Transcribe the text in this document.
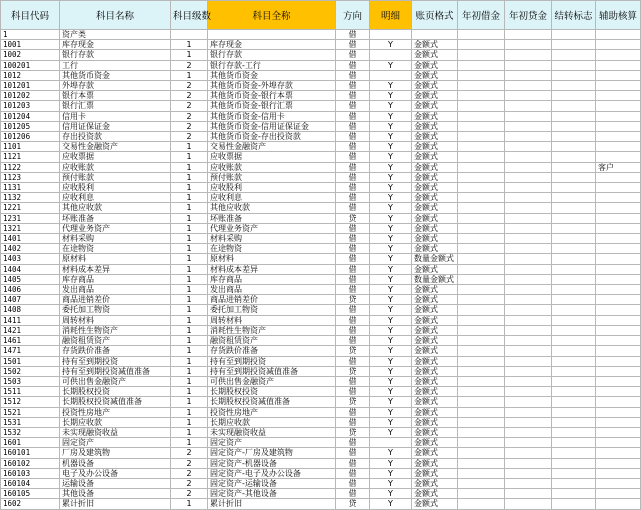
科目代码	科目名称	科目级数	科目全称	方向	明细	账页格式	年初借金	年初贷金	结转标志	辅助核算
1	资产类			借						
1001	库存现金	1	库存现金	借	Y	金额式				
1002	银行存款	1	银行存款	借		金额式				
100201	工行	2	银行存款-工行	借	Y	金额式				
1012	其他货币资金	1	其他货币资金	借		金额式				
101201	外埠存款	2	其他货币资金-外埠存款	借	Y	金额式				
101202	银行本票	2	其他货币资金-银行本票	借	Y	金额式				
101203	银行汇票	2	其他货币资金-银行汇票	借	Y	金额式				
101204	信用卡	2	其他货币资金-信用卡	借	Y	金额式				
101205	信用证保证金	2	其他货币资金-信用证保证金	借	Y	金额式				
101206	存出投资款	2	其他货币资金-存出投资款	借	Y	金额式				
1101	交易性金融资产	1	交易性金融资产	借	Y	金额式				
1121	应收票据	1	应收票据	借	Y	金额式				
1122	应收账款	1	应收账款	借	Y	金额式				客户
1123	预付账款	1	预付账款	借	Y	金额式				
1131	应收股利	1	应收股利	借	Y	金额式				
1132	应收利息	1	应收利息	借	Y	金额式				
1221	其他应收款	1	其他应收款	借	Y	金额式				
1231	坏账准备	1	坏账准备	贷	Y	金额式				
1321	代理业务资产	1	代理业务资产	借	Y	金额式				
1401	材料采购	1	材料采购	借	Y	金额式				
1402	在途物资	1	在途物资	借	Y	金额式				
1403	原材料	1	原材料	借	Y	数量金额式				
1404	材料成本差异	1	材料成本差异	借	Y	金额式				
1405	库存商品	1	库存商品	借	Y	数量金额式				
1406	发出商品	1	发出商品	借	Y	金额式				
1407	商品进销差价	1	商品进销差价	贷	Y	金额式				
1408	委托加工物资	1	委托加工物资	借	Y	金额式				
1411	周转材料	1	周转材料	借	Y	金额式				
1421	消耗性生物资产	1	消耗性生物资产	借	Y	金额式				
1461	融资租赁资产	1	融资租赁资产	借	Y	金额式				
1471	存货跌价准备	1	存货跌价准备	贷	Y	金额式				
1501	持有至到期投资	1	持有至到期投资	借	Y	金额式				
1502	持有至到期投资减值准备	1	持有至到期投资减值准备	贷	Y	金额式				
1503	可供出售金融资产	1	可供出售金融资产	借	Y	金额式				
1511	长期股权投资	1	长期股权投资	借	Y	金额式				
1512	长期股权投资减值准备	1	长期股权投资减值准备	贷	Y	金额式				
1521	投资性房地产	1	投资性房地产	借	Y	金额式				
1531	长期应收款	1	长期应收款	借	Y	金额式				
1532	未实现融资收益	1	未实现融资收益	贷	Y	金额式				
1601	固定资产	1	固定资产	借		金额式				
160101	厂房及建筑物	2	固定资产-厂房及建筑物	借	Y	金额式				
160102	机器设备	2	固定资产-机器设备	借	Y	金额式				
160103	电子及办公设备	2	固定资产-电子及办公设备	借	Y	金额式				
160104	运输设备	2	固定资产-运输设备	借	Y	金额式				
160105	其他设备	2	固定资产-其他设备	借	Y	金额式				
1602	累计折旧	1	累计折旧	贷	Y	金额式				
